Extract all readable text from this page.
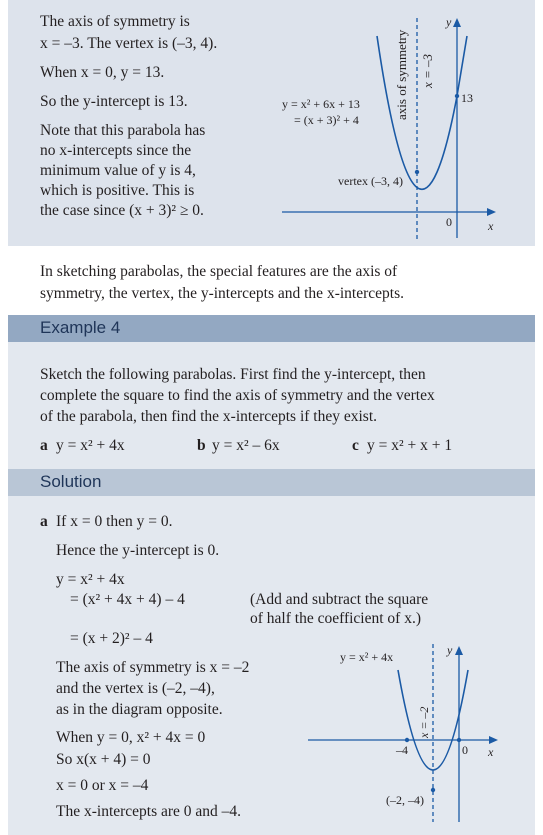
The axis of symmetry is
x = –3. The vertex is (–3, 4).
When x = 0, y = 13.
So the y-intercept is 13.
Note that this parabola has
no x-intercepts since the
minimum value of y is 4,
which is positive. This is
the case since (x + 3)² ≥ 0.
axis of symmetry x = –3
y
x
13
0
y = x² + 6x + 13
= (x + 3)² + 4
vertex (–3, 4)
In sketching parabolas, the special features are the axis of
symmetry, the vertex, the y-intercepts and the x-intercepts.
Example 4
Sketch the following parabolas. First find the y-intercept, then
complete the square to find the axis of symmetry and the vertex
of the parabola, then find the x-intercepts if they exist.
a y = x² + 4x	b y = x² – 6x	c y = x² + x + 1
Solution
a If x = 0 then y = 0.
Hence the y-intercept is 0.
y = x² + 4x
= (x² + 4x + 4) – 4	(Add and subtract the square
of half the coefficient of x.)
= (x + 2)² – 4
The axis of symmetry is x = –2
and the vertex is (–2, –4),
as in the diagram opposite.
When y = 0, x² + 4x = 0
So x(x + 4) = 0
x = 0 or x = –4
The x-intercepts are 0 and –4.
y = x² + 4x	y
x
x = –2
–4	0
(–2, –4)
